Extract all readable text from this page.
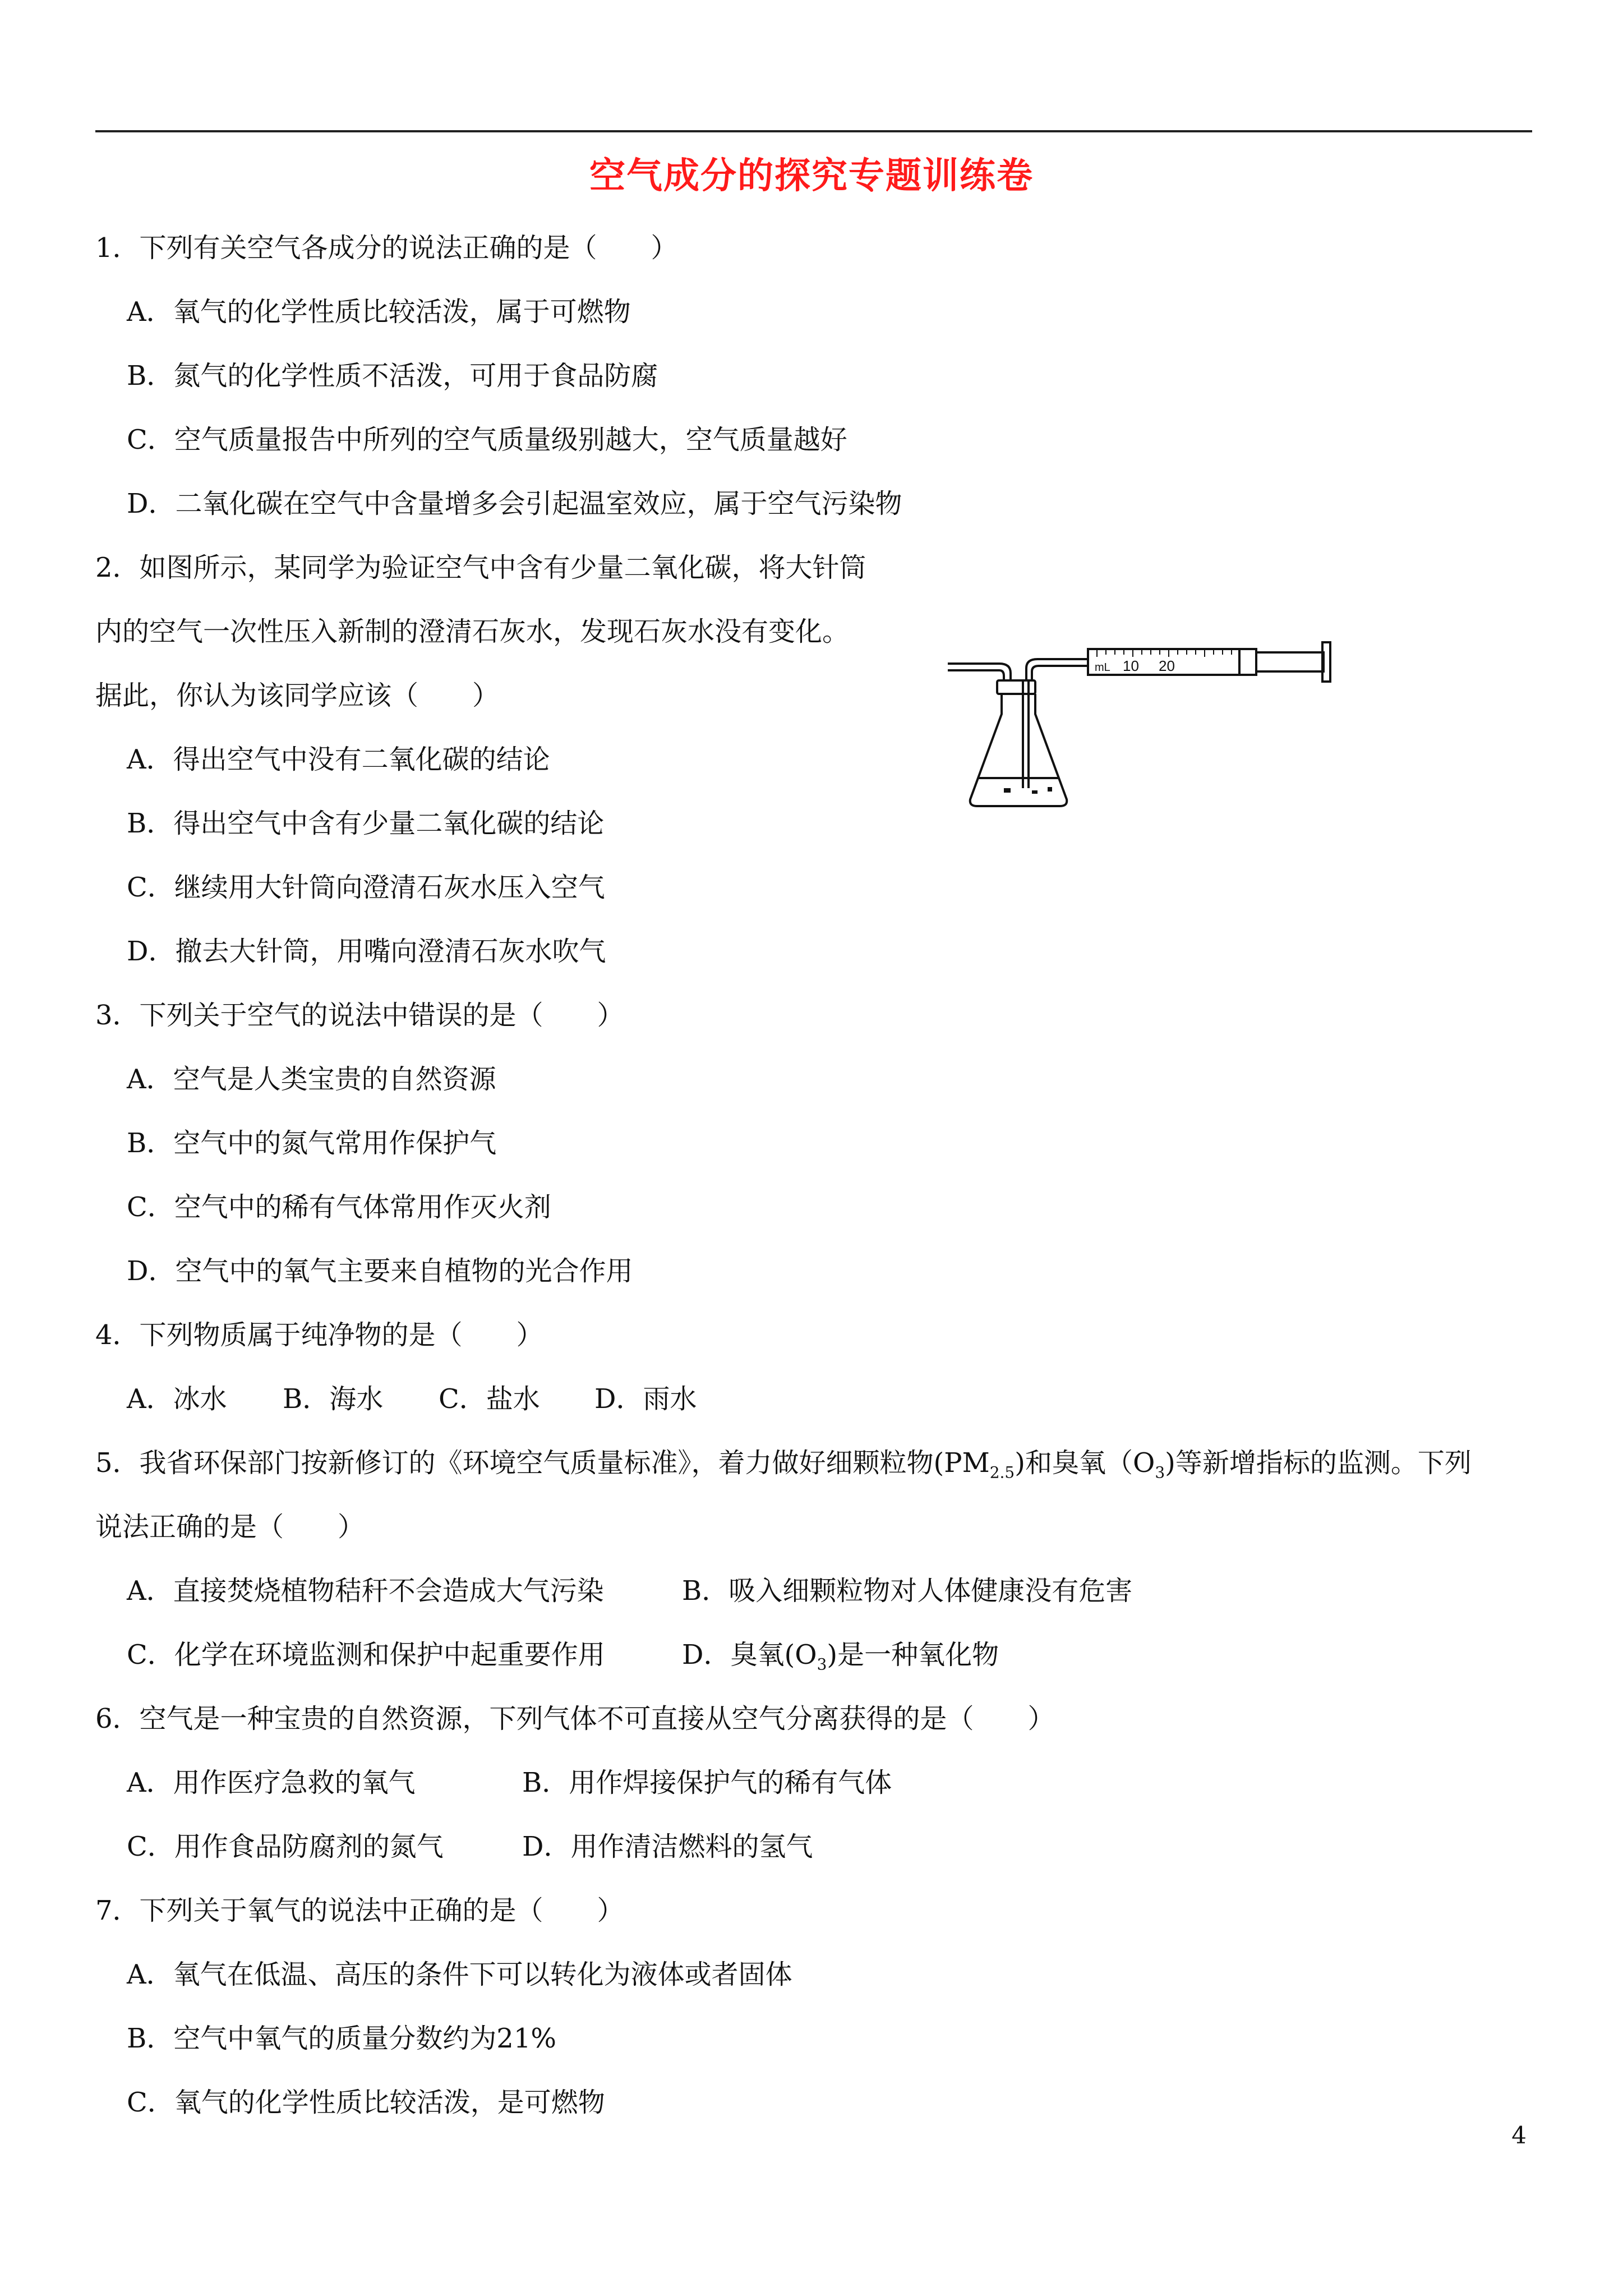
空气成分的探究专题训练卷
1．下列有关空气各成分的说法正确的是（　　）
A．氧气的化学性质比较活泼，属于可燃物
B．氮气的化学性质不活泼，可用于食品防腐
C．空气质量报告中所列的空气质量级别越大，空气质量越好
D．二氧化碳在空气中含量增多会引起温室效应，属于空气污染物
2．如图所示，某同学为验证空气中含有少量二氧化碳，将大针筒
内的空气一次性压入新制的澄清石灰水，发现石灰水没有变化。
据此，你认为该同学应该（　　）
A．得出空气中没有二氧化碳的结论
B．得出空气中含有少量二氧化碳的结论
C．继续用大针筒向澄清石灰水压入空气
D．撤去大针筒，用嘴向澄清石灰水吹气
mL 10 20
3．下列关于空气的说法中错误的是（　　）
A．空气是人类宝贵的自然资源
B．空气中的氮气常用作保护气
C．空气中的稀有气体常用作灭火剂
D．空气中的氧气主要来自植物的光合作用
4．下列物质属于纯净物的是（　　）
A．冰水 B．海水 C．盐水 D．雨水
5．我省环保部门按新修订的《环境空气质量标准》，着力做好细颗粒物$(PM_{2.5})$和臭氧$(O_3)$等新增指标的监测。下列
说法正确的是（　　）
A．直接焚烧植物秸秆不会造成大气污染	B．吸入细颗粒物对人体健康没有危害
C．化学在环境监测和保护中起重要作用	D．臭氧$(O_3)$是一种氧化物
6．空气是一种宝贵的自然资源，下列气体不可直接从空气分离获得的是（　　）
A．用作医疗急救的氧气	B．用作焊接保护气的稀有气体
C．用作食品防腐剂的氮气	D．用作清洁燃料的氢气
7．下列关于氧气的说法中正确的是（　　）
A．氧气在低温、高压的条件下可以转化为液体或者固体
B．空气中氧气的质量分数约为21%
C．氧气的化学性质比较活泼，是可燃物
4
